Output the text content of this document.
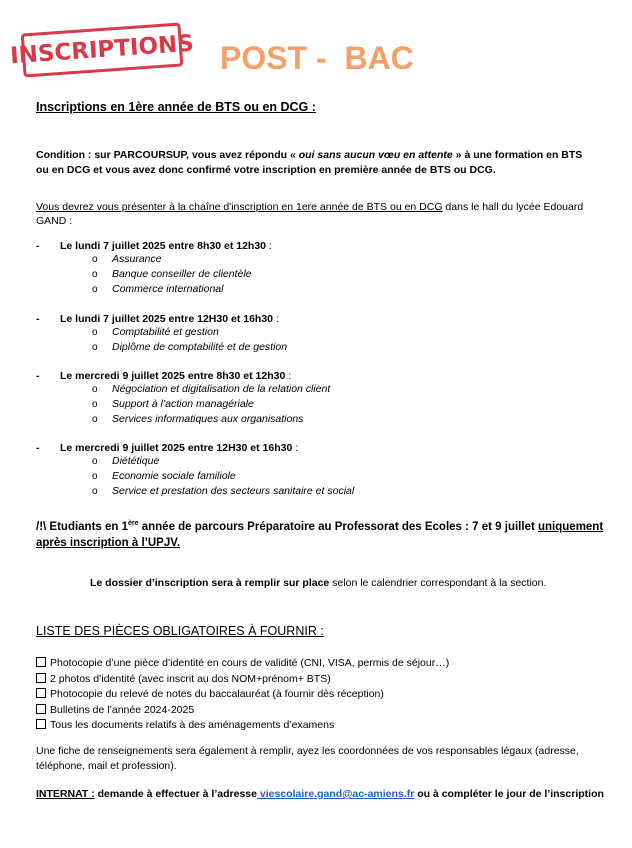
INSCRIPTIONS POST -  BAC
Inscriptions en 1ère année de BTS ou en DCG :
Condition : sur PARCOURSUP, vous avez répondu « oui sans aucun vœu en attente » à une formation en BTS ou en DCG et vous avez donc confirmé votre inscription en première année de BTS ou DCG.
Vous devrez vous présenter à la chaîne d'inscription en 1ere année de BTS ou en DCG dans le hall du lycée Edouard GAND :
- Le lundi 7 juillet 2025 entre 8h30 et 12h30 :
o Assurance
o Banque conseiller de clientèle
o Commerce international
- Le lundi 7 juillet 2025 entre 12H30 et 16h30 :
o Comptabilité et gestion
o Diplôme de comptabilité et de gestion
- Le mercredi 9 juillet 2025 entre 8h30 et 12h30 :
o Négociation et digitalisation de la relation client
o Support à l’action managériale
o Services informatiques aux organisations
- Le mercredi 9 juillet 2025 entre 12H30 et 16h30 :
o Diététique
o Economie sociale familiole
o Service et prestation des secteurs sanitaire et social
/!\ Etudiants en 1ère année de parcours Préparatoire au Professorat des Ecoles : 7 et 9 juillet uniquement après inscription à l’UPJV.
Le dossier d’inscription sera à remplir sur place selon le calendrier correspondant à la section.
LISTE DES PIÈCES OBLIGATOIRES À FOURNIR :
Photocopie d’une pièce d’identité en cours de validité (CNI, VISA, permis de séjour…)
2 photos d’identité (avec inscrit au dos NOM+prénom+ BTS)
Photocopie du relevé de notes du baccalauréat (à fournir dès réception)
Bulletins de l’année 2024-2025
Tous les documents relatifs à des aménagements d’examens
Une fiche de renseignements sera également à remplir, ayez les coordonnées de vos responsables légaux (adresse, téléphone, mail et profession).
INTERNAT : demande à effectuer à l’adresse viescolaire.gand@ac-amiens.fr ou à compléter le jour de l’inscription
